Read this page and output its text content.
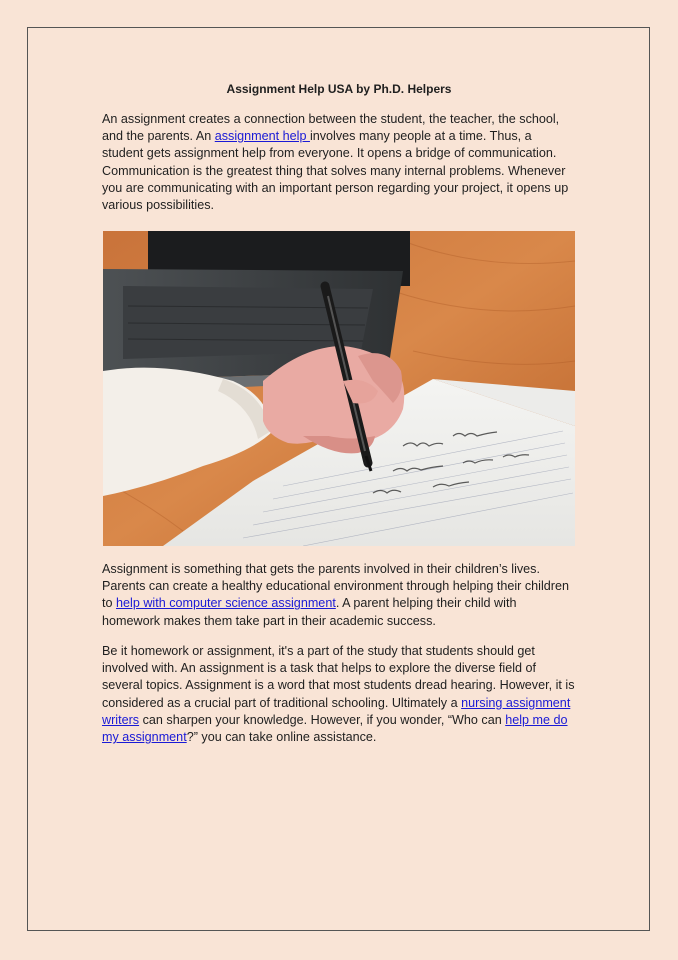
Assignment Help USA by Ph.D. Helpers

An assignment creates a connection between the student, the teacher, the school, and the parents. An assignment help involves many people at a time. Thus, a student gets assignment help from everyone. It opens a bridge of communication. Communication is the greatest thing that solves many internal problems. Whenever you are communicating with an important person regarding your project, it opens up various possibilities.

Assignment is something that gets the parents involved in their children’s lives. Parents can create a healthy educational environment through helping their children to help with computer science assignment. A parent helping their child with homework makes them take part in their academic success.

Be it homework or assignment, it's a part of the study that students should get involved with. An assignment is a task that helps to explore the diverse field of several topics. Assignment is a word that most students dread hearing. However, it is considered as a crucial part of traditional schooling. Ultimately a nursing assignment writers can sharpen your knowledge. However, if you wonder, “Who can help me do my assignment?” you can take online assistance.
